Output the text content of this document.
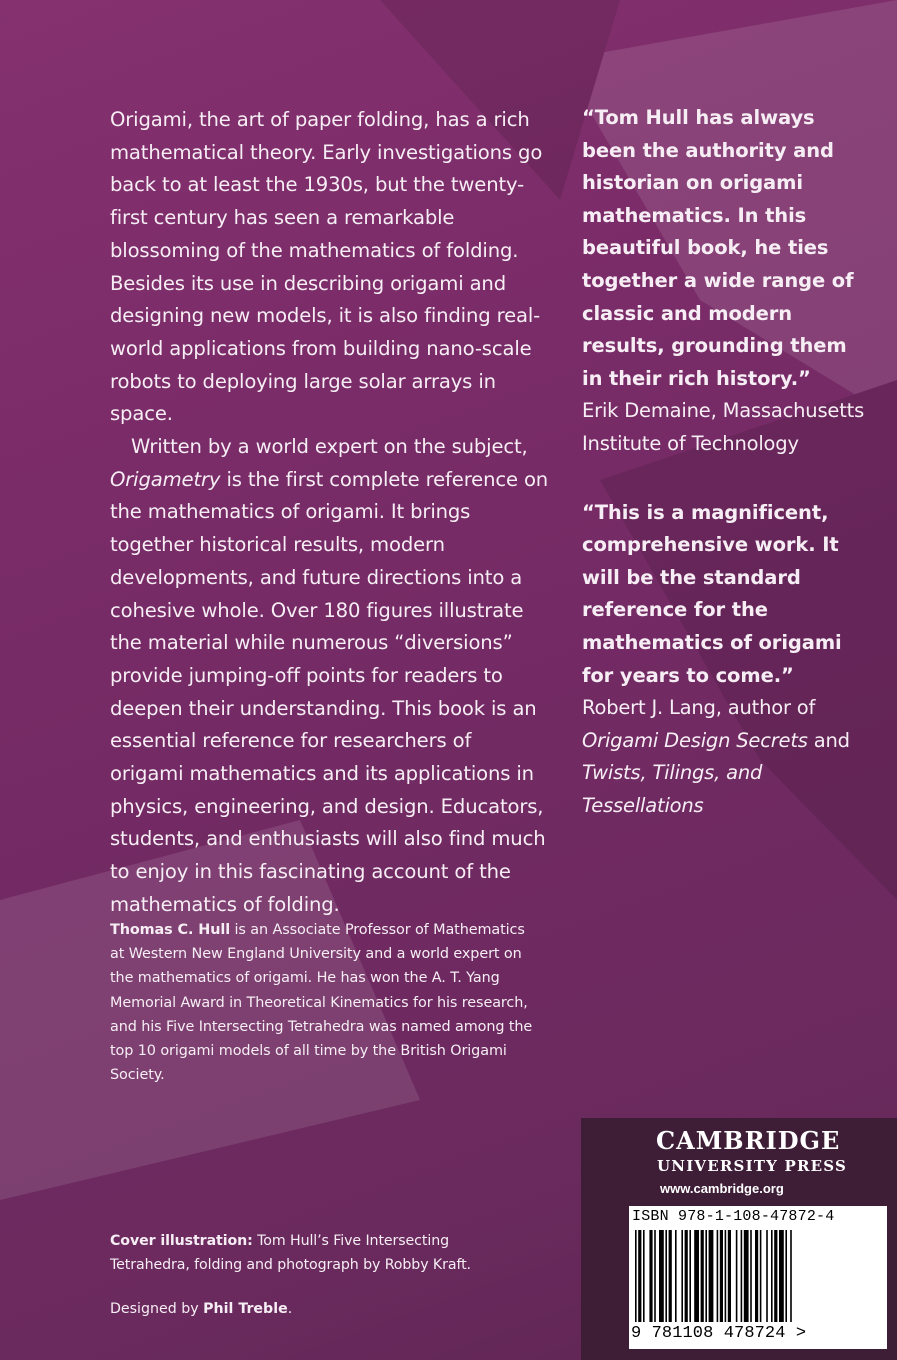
Origami, the art of paper folding, has a rich mathematical theory. Early investigations go back to at least the 1930s, but the twenty-first century has seen a remarkable blossoming of the mathematics of folding. Besides its use in describing origami and designing new models, it is also finding real-world applications from building nano-scale robots to deploying large solar arrays in space.

Written by a world expert on the subject, Origametry is the first complete reference on the mathematics of origami. It brings together historical results, modern developments, and future directions into a cohesive whole. Over 180 figures illustrate the material while numerous “diversions” provide jumping-off points for readers to deepen their understanding. This book is an essential reference for researchers of origami mathematics and its applications in physics, engineering, and design. Educators, students, and enthusiasts will also find much to enjoy in this fascinating account of the mathematics of folding.

Thomas C. Hull is an Associate Professor of Mathematics at Western New England University and a world expert on the mathematics of origami. He has won the A. T. Yang Memorial Award in Theoretical Kinematics for his research, and his Five Intersecting Tetrahedra was named among the top 10 origami models of all time by the British Origami Society.

“Tom Hull has always been the authority and historian on origami mathematics. In this beautiful book, he ties together a wide range of classic and modern results, grounding them in their rich history.”

Erik Demaine, Massachusetts Institute of Technology

“This is a magnificent, comprehensive work. It will be the standard reference for the mathematics of origami for years to come.”

Robert J. Lang, author of Origami Design Secrets and Twists, Tilings, and Tessellations

Cover illustration: Tom Hull’s Five Intersecting Tetrahedra, folding and photograph by Robby Kraft.

Designed by Phil Treble.
CAMBRIDGE
UNIVERSITY PRESS
www.cambridge.org
ISBN 978-1-108-47872-4
9 781108 478724 >
